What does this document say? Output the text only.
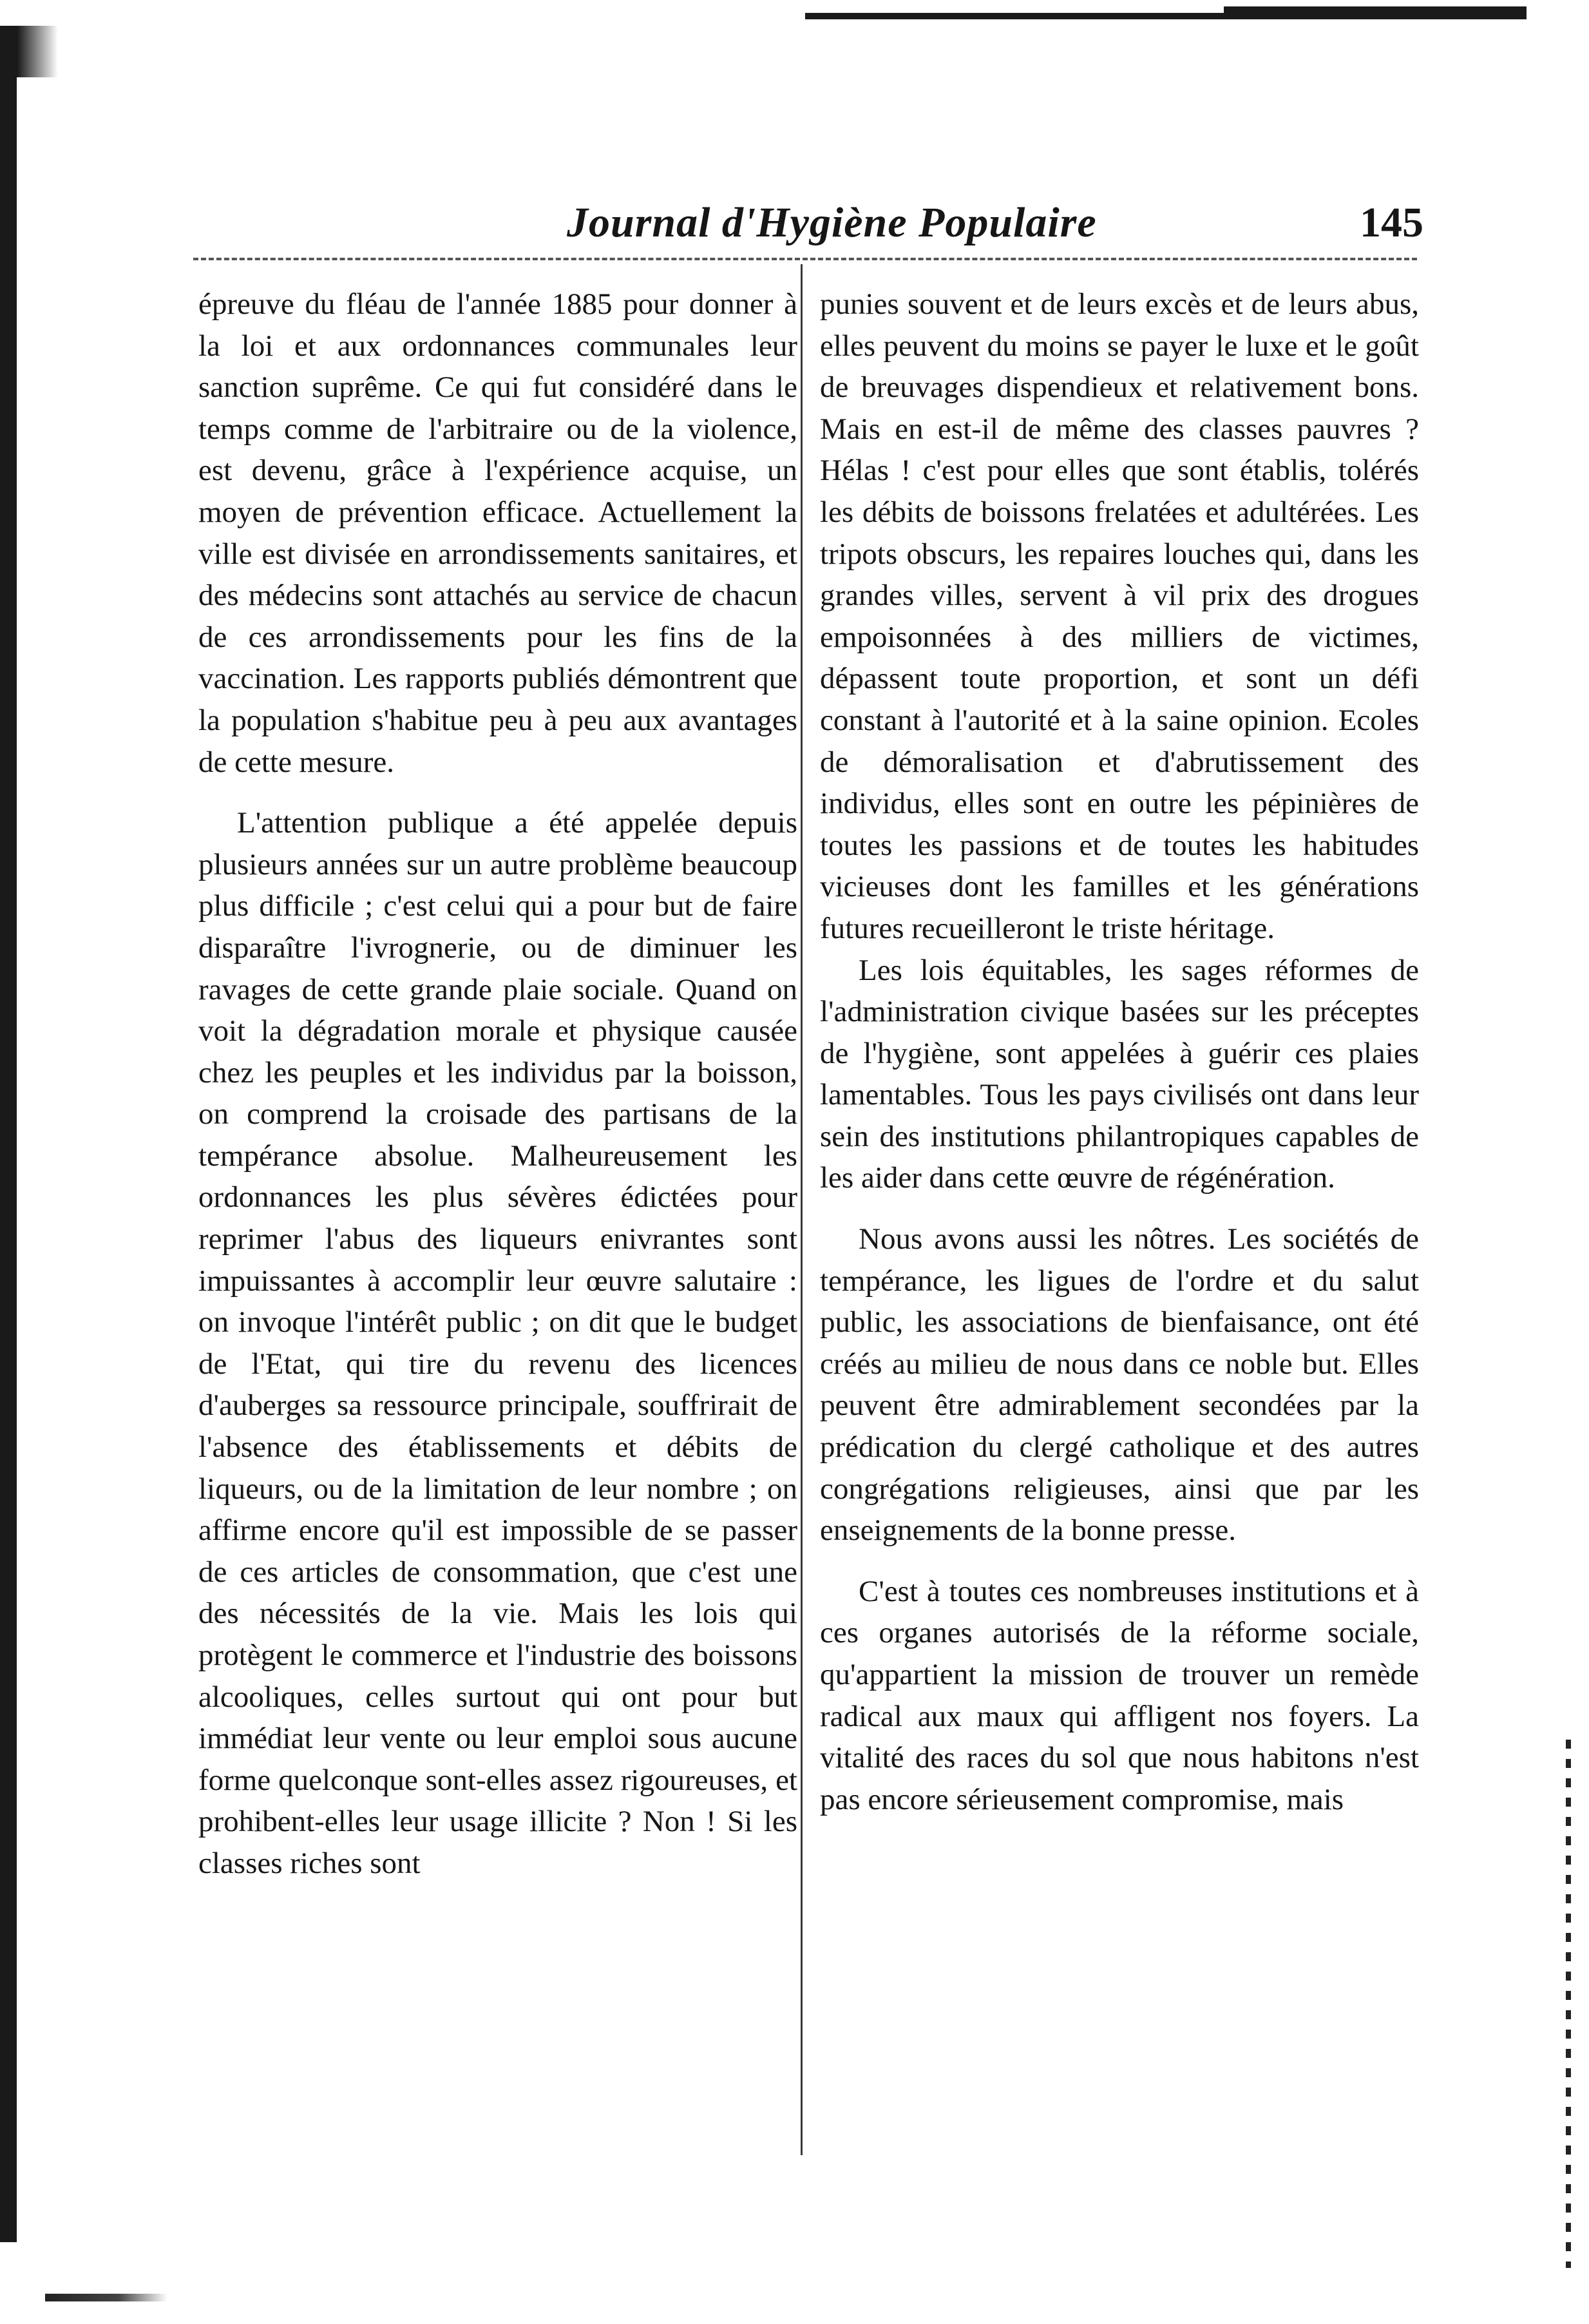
Journal d'Hygiène Populaire	145

épreuve du fléau de l'année 1885 pour donner à la loi et aux ordonnances communales leur sanction suprême. Ce qui fut considéré dans le temps comme de l'arbitraire ou de la violence, est devenu, grâce à l'expérience acquise, un moyen de prévention efficace. Actuellement la ville est divisée en arrondissements sanitaires, et des médecins sont attachés au service de chacun de ces arrondissements pour les fins de la vaccination. Les rapports publiés démontrent que la population s'habitue peu à peu aux avantages de cette mesure.

L'attention publique a été appelée depuis plusieurs années sur un autre problème beaucoup plus difficile ; c'est celui qui a pour but de faire disparaître l'ivrognerie, ou de diminuer les ravages de cette grande plaie sociale. Quand on voit la dégradation morale et physique causée chez les peuples et les individus par la boisson, on comprend la croisade des partisans de la tempérance absolue. Malheureusement les ordonnances les plus sévères édictées pour reprimer l'abus des liqueurs enivrantes sont impuissantes à accomplir leur œuvre salutaire : on invoque l'intérêt public ; on dit que le budget de l'Etat, qui tire du revenu des licences d'auberges sa ressource principale, souffrirait de l'absence des établissements et débits de liqueurs, ou de la limitation de leur nombre ; on affirme encore qu'il est impossible de se passer de ces articles de consommation, que c'est une des nécessités de la vie. Mais les lois qui protègent le commerce et l'industrie des boissons alcooliques, celles surtout qui ont pour but immédiat leur vente ou leur emploi sous aucune forme quelconque sont-elles assez rigoureuses, et prohibent-elles leur usage illicite ? Non ! Si les classes riches sont

punies souvent et de leurs excès et de leurs abus, elles peuvent du moins se payer le luxe et le goût de breuvages dispendieux et relativement bons. Mais en est-il de même des classes pauvres ? Hélas ! c'est pour elles que sont établis, tolérés les débits de boissons frelatées et adultérées. Les tripots obscurs, les repaires louches qui, dans les grandes villes, servent à vil prix des drogues empoisonnées à des milliers de victimes, dépassent toute proportion, et sont un défi constant à l'autorité et à la saine opinion. Ecoles de démoralisation et d'abrutissement des individus, elles sont en outre les pépinières de toutes les passions et de toutes les habitudes vicieuses dont les familles et les générations futures recueilleront le triste héritage.

Les lois équitables, les sages réformes de l'administration civique basées sur les préceptes de l'hygiène, sont appelées à guérir ces plaies lamentables. Tous les pays civilisés ont dans leur sein des institutions philantropiques capables de les aider dans cette œuvre de régénération.

Nous avons aussi les nôtres. Les sociétés de tempérance, les ligues de l'ordre et du salut public, les associations de bienfaisance, ont été créés au milieu de nous dans ce noble but. Elles peuvent être admirablement secondées par la prédication du clergé catholique et des autres congrégations religieuses, ainsi que par les enseignements de la bonne presse.

C'est à toutes ces nombreuses institutions et à ces organes autorisés de la réforme sociale, qu'appartient la mission de trouver un remède radical aux maux qui affligent nos foyers. La vitalité des races du sol que nous habitons n'est pas encore sérieusement compromise, mais
